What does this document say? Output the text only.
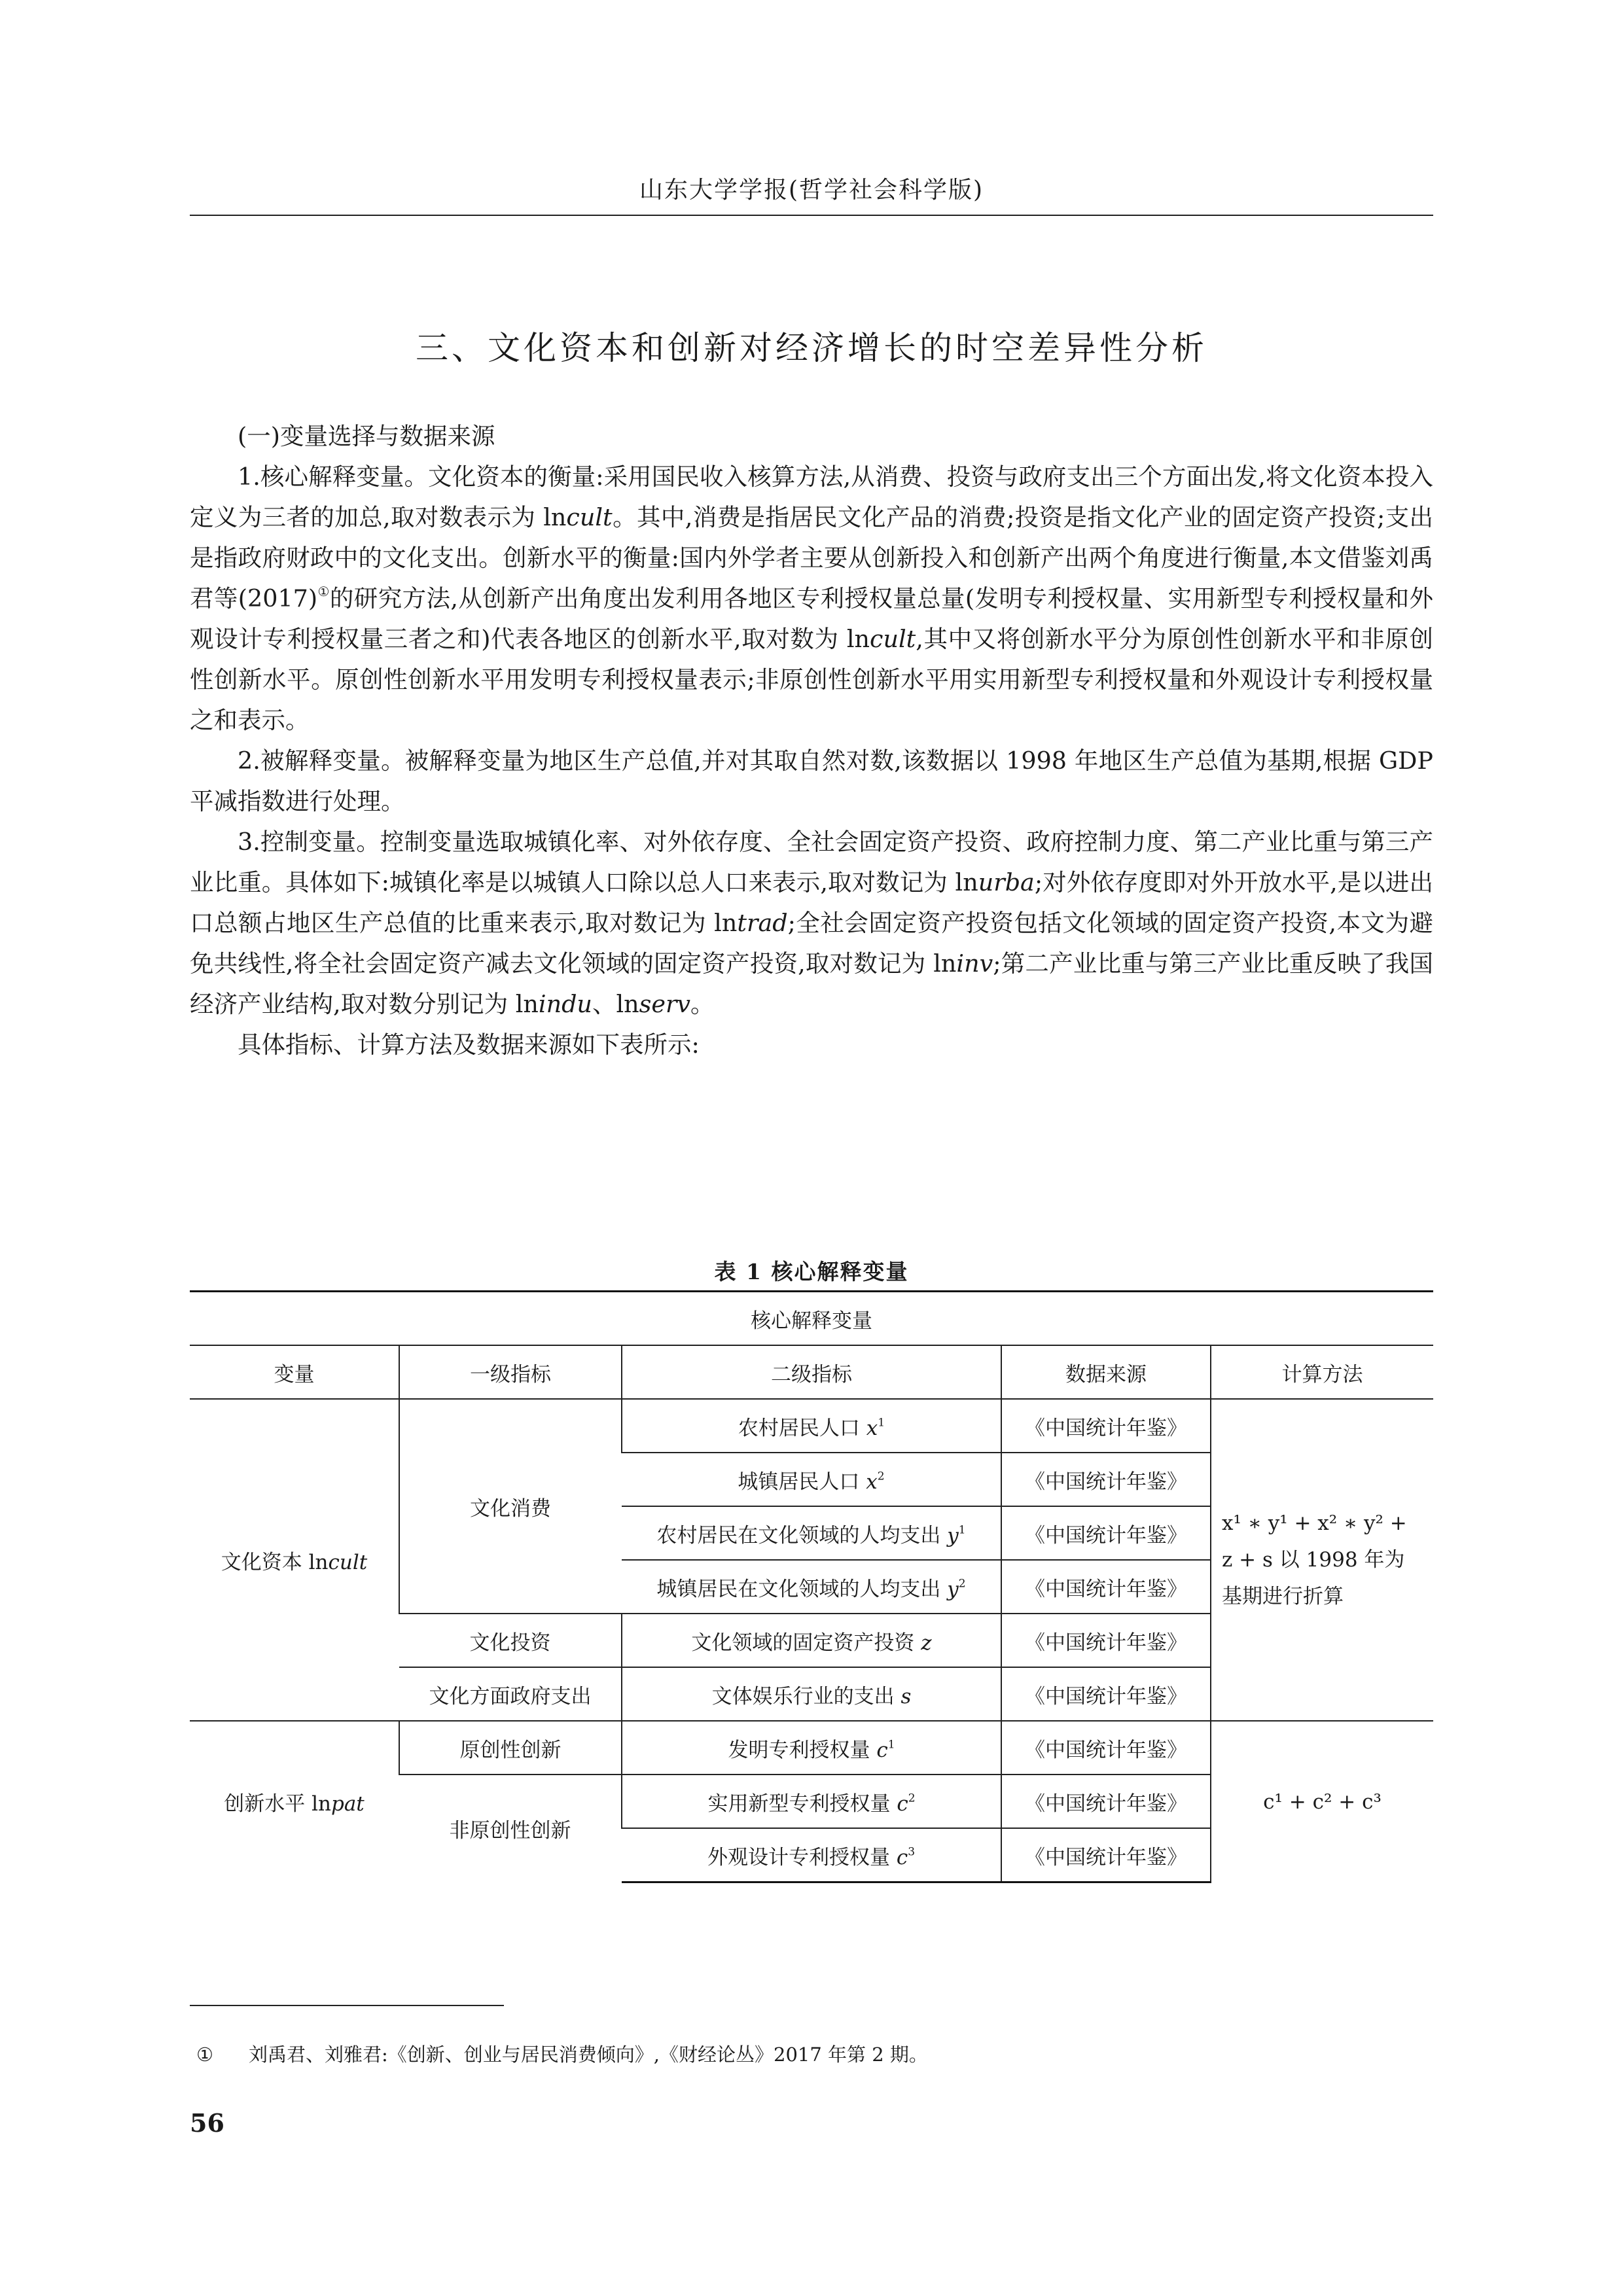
山东大学学报(哲学社会科学版)
三、文化资本和创新对经济增长的时空差异性分析

(一)变量选择与数据来源

1.核心解释变量。文化资本的衡量:采用国民收入核算方法,从消费、投资与政府支出三个方面出发,将文化资本投入定义为三者的加总,取对数表示为 lncult。其中,消费是指居民文化产品的消费;投资是指文化产业的固定资产投资;支出是指政府财政中的文化支出。创新水平的衡量:国内外学者主要从创新投入和创新产出两个角度进行衡量,本文借鉴刘禹君等(2017)①的研究方法,从创新产出角度出发利用各地区专利授权量总量(发明专利授权量、实用新型专利授权量和外观设计专利授权量三者之和)代表各地区的创新水平,取对数为 lncult,其中又将创新水平分为原创性创新水平和非原创性创新水平。原创性创新水平用发明专利授权量表示;非原创性创新水平用实用新型专利授权量和外观设计专利授权量之和表示。

2.被解释变量。被解释变量为地区生产总值,并对其取自然对数,该数据以 1998 年地区生产总值为基期,根据 GDP 平减指数进行处理。

3.控制变量。控制变量选取城镇化率、对外依存度、全社会固定资产投资、政府控制力度、第二产业比重与第三产业比重。具体如下:城镇化率是以城镇人口除以总人口来表示,取对数记为 lnurba;对外依存度即对外开放水平,是以进出口总额占地区生产总值的比重来表示,取对数记为 lntrad;全社会固定资产投资包括文化领域的固定资产投资,本文为避免共线性,将全社会固定资产减去文化领域的固定资产投资,取对数记为 lninv;第二产业比重与第三产业比重反映了我国经济产业结构,取对数分别记为 lnindu、lnserv。

具体指标、计算方法及数据来源如下表所示:

表 1 核心解释变量
核心解释变量				
变量	一级指标	二级指标	数据来源	计算方法
文化资本 lncult	文化消费	农村居民人口 $x^1$	《中国统计年鉴》	x¹ ∗ y¹ + x² ∗ y² +
z + s 以 1998 年为基期进行折算
		城镇居民人口 $x^2$	《中国统计年鉴》	
		农村居民在文化领域的人均支出 $y^1$	《中国统计年鉴》	
		城镇居民在文化领域的人均支出 $y^2$	《中国统计年鉴》	
	文化投资	文化领域的固定资产投资 z	《中国统计年鉴》	
	文化方面政府支出	文体娱乐行业的支出 s	《中国统计年鉴》	
创新水平 lnpat	原创性创新	发明专利授权量 $c^1$	《中国统计年鉴》	c¹ + c² + c³
	非原创性创新	实用新型专利授权量 $c^2$	《中国统计年鉴》	
		外观设计专利授权量 $c^3$	《中国统计年鉴》	
① 刘禹君、刘雅君:《创新、创业与居民消费倾向》,《财经论丛》2017 年第 2 期。
56
